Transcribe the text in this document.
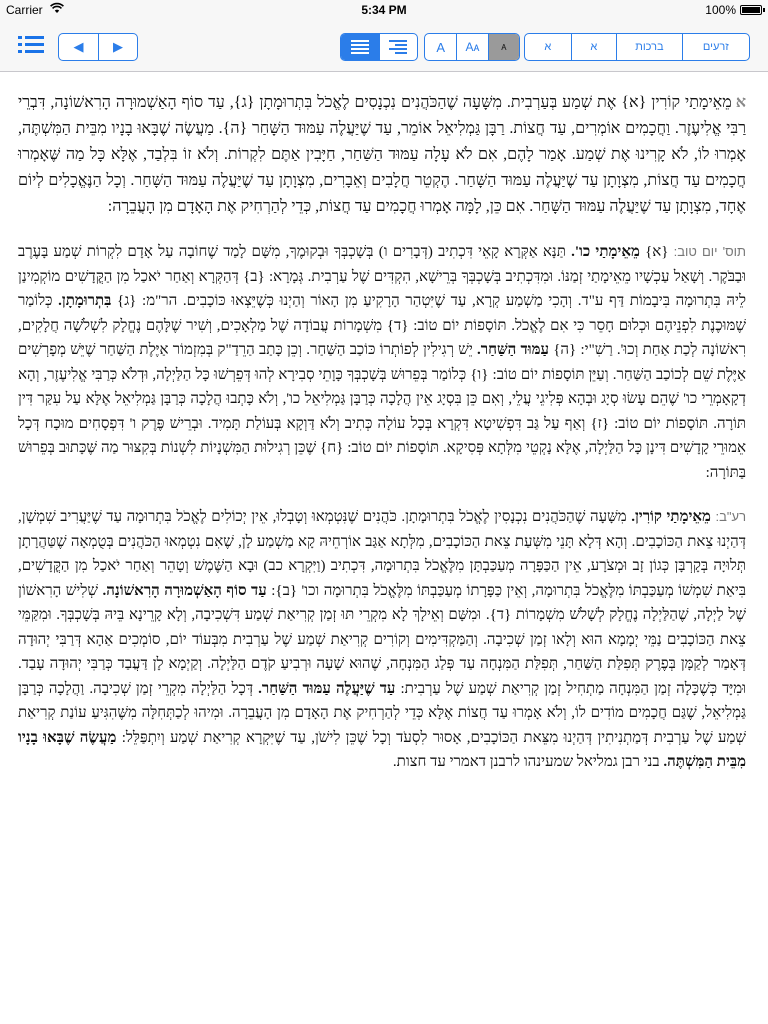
Carrier	5:34 PM	100%
◀	▶	A	Aᴀ	ᴀ	א	א	ברכות	זרעים

אמֵאֵימָתַי קוֹרִין {א} אֶת שְׁמַע בְּעַרְבִית. מִשָּׁעָה שֶׁהַכֹּהֲנִים נִכְנָסִים לֶאֱכֹל בִּתְרוּמָתָן {ג}, עַד סוֹף הָאַשְׁמוּרָה הָרִאשׁוֹנָה, דִּבְרֵי רַבִּי אֱלִיעֶזֶר. וַחֲכָמִים אוֹמְרִים, עַד חֲצוֹת. רַבָּן גַּמְלִיאֵל אוֹמֵר, עַד שֶׁיַּעֲלֶה עַמּוּד הַשָּׁחַר {ה}. מַעֲשֶׂה שֶׁבָּאוּ בָנָיו מִבֵּית הַמִּשְׁתֶּה, אָמְרוּ לוֹ, לֹא קָרִינוּ אֶת שְׁמַע. אָמַר לָהֶם, אִם לֹא עָלָה עַמּוּד הַשַּׁחַר, חַיָּבִין אַתֶּם לִקְרוֹת. וְלֹא זוֹ בִּלְבַד, אֶלָּא כָּל מַה שֶּׁאָמְרוּ חֲכָמִים עַד חֲצוֹת, מִצְוָתָן עַד שֶׁיַּעֲלֶה עַמּוּד הַשָּׁחַר. הֶקְטֵר חֲלָבִים וְאֵבָרִים, מִצְוָתָן עַד שֶׁיַּעֲלֶה עַמּוּד הַשָּׁחַר. וְכָל הַנֶּאֱכָלִים לְיוֹם אֶחָד, מִצְוָתָן עַד שֶׁיַּעֲלֶה עַמּוּד הַשָּׁחַר. אִם כֵּן, לָמָּה אָמְרוּ חֲכָמִים עַד חֲצוֹת, כְּדֵי לְהַרְחִיק אֶת הָאָדָם מִן הָעֲבֵרָה:

תוס' יום טוב: {א} מֵאֵימָתַי כו'. תַּנָּא אַקְּרָא קָאֵי דִּכְתִיב (דְּבָרִים ו) בְּשָׁכְבְּךָ וּבְקוּמֶךָ, מִשָּׁם לָמַד שֶׁחוֹבָה עַל אָדָם לִקְרוֹת שְׁמַע בָּעֶרֶב וּבַבֹּקֶר. וְשָׁאַל עַכְשָׁיו מֵאֵימָתַי זְמַנּוֹ. וּמִדִּכְתִיב בְּשָׁכְבְּךָ בְּרֵישָׁא, הִקְדִּים שֶׁל עַרְבִית. גְּמָרָא: {ב} דְּהַקְּרָא וְאַחַר יֹאכַל מִן הַקֳּדָשִׁים מוֹקְמִינַן לֵיהּ בִּתְרוּמָה בִּיבָמוֹת דַּף ע"ד. וְהָכִי מַשְׁמַע קְרָא, עַד שֶׁיִּטְהַר הָרָקִיעַ מִן הָאוֹר וְהַיְנוּ כְּשֶׁיֵּצְאוּ כּוֹכָבִים. הר"מ: {ג} בִּתְרוּמָתָן. כְּלוֹמַר שֶׁמּוּכֶנֶת לִפְנֵיהֶם וּכְלוּם חָסֵר כִּי אִם לֶאֱכֹל. תּוֹסָפוֹת יוֹם טוֹב: {ד} מִשְׁמָרוֹת עֲבוֹדָה שֶׁל מַלְאָכִים, וְשִׁיר שֶׁלָּהֶם נֶחֱלָק לִשְׁלֹשָׁה חֲלָקִים, רִאשׁוֹנָה לְכַת אַחַת וְכוּ'. רַשִׁ"י: {ה} עַמּוּד הַשַּׁחַר. יֵשׁ רְגִילִין לְפוֹתְרוֹ כּוֹכַב הַשַּׁחַר. וְכֵן כָּתַב הַרֵדַ"ק בְּמִזְמוֹר אַיֶּלֶת הַשַּׁחַר שֶׁיֵּשׁ מְפָרְשִׁים אַיֶּלֶת שֵׁם לְכוֹכַב הַשַּׁחַר. וְעַיֵּן תּוֹסָפוֹת יוֹם טוֹב: {ו} כְּלוֹמַר בְּפֵרוּשׁ בְּשָׁכְבְּךָ כָּוָתֵי סְבִירָא לְהוּ דְּפֵרְשׁוּ כָּל הַלַּיְלָה, וּדְלֹא כְּרַבִּי אֱלִיעֶזֶר, וְהָא דְקָאָמְרֵי כו' שֶׁהֵם עָשׂוּ סְיָג וּבְהָא פְּלִיגֵי עֲלֵי, וְאִם כֵּן בִּסְיָג אֵין הֲלָכָה כְּרַבָּן גַּמְלִיאֵל כו', וְלֹא כָּתְבוּ הֲלָכָה כְּרַבָּן גַּמְלִיאֵל אֶלָּא עַל עִקַּר דִּין תּוֹרָה. תּוֹסָפוֹת יוֹם טוֹב: {ז} וְאַף עַל גַּב דִּפְשִׁיטָא דִּקְרָא בְּכָל עוֹלָה כְּתִיב וְלֹא דַּוְקָא בְּעוֹלַת תָּמִיד. וּבְרֵישׁ פֶּרֶק ו' דִּפְסָחִים מוּכָח דְּכָל אֵמוּרֵי קָדָשִׁים דִּינָן כָּל הַלַּיְלָה, אֶלָּא נָקְטֵי מִלְּתָא פְּסִיקָא. תּוֹסָפוֹת יוֹם טוֹב: {ח} שֶׁכֵּן רְגִילוּת הַמִּשְׁנָיוֹת לִשְׁנוֹת בְּקִצּוּר מַה שֶּׁכָּתוּב בְּפֵרוּשׁ בַּתּוֹרָה:

רע"ב: מֵאֵימָתַי קוֹרִין. מִשָּׁעָה שֶׁהַכֹּהֲנִים נִכְנָסִין לֶאֱכֹל בִּתְרוּמָתָן. כֹּהֲנִים שֶׁנִּטְמְאוּ וְטָבְלוּ, אֵין יְכוֹלִים לֶאֱכֹל בִּתְרוּמָה עַד שֶׁיַּעֲרִיב שִׁמְשָׁן, דְּהַיְנוּ צֵאת הַכּוֹכָבִים. וְהָא דְּלָא תָּנֵי מִשְּׁעַת צֵאת הַכּוֹכָבִים, מִלְּתָא אַגַּב אוֹרְחֵיהּ קָא מַשְׁמַע לָן, שֶׁאִם נִטְמְאוּ הַכֹּהֲנִים בְּטֻמְאָה שֶׁטַּהֲרָתָן תְּלוּיָה בְּקָרְבָּן כְּגוֹן זָב וּמְצֹרָע, אֵין הַכַּפָּרָה מְעַכַּבְתָּן מִלֶּאֱכֹל בִּתְרוּמָה, דִּכְתִיב (וַיִּקְרָא כב) וּבָא הַשֶּׁמֶשׁ וְטָהֵר וְאַחַר יֹאכַל מִן הַקֳּדָשִׁים, בִּיאַת שִׁמְשׁוֹ מְעַכַּבְתּוֹ מִלֶּאֱכֹל בִּתְרוּמָה, וְאֵין כַּפָּרָתוֹ מְעַכַּבְתּוֹ מִלֶּאֱכֹל בִּתְרוּמָה וכו' {ב}: עַד סוֹף הָאַשְׁמוּרָה הָרִאשׁוֹנָה. שְׁלִישׁ הָרִאשׁוֹן שֶׁל לַיְלָה, שֶׁהַלַּיְלָה נֶחֱלָק לְשָׁלֹשׁ מִשְׁמָרוֹת {ד}. וּמִשָּׁם וְאֵילָךְ לָא מִקְרֵי תּוּ זְמַן קְרִיאַת שְׁמַע דִּשְׁכִיבָה, וְלָא קָרֵינָא בֵּיהּ בְּשָׁכְבְּךָ. וּמִקַּמֵּי צֵאת הַכּוֹכָבִים נַמֵּי יְמָמָא הוּא וְלָאו זְמַן שְׁכִיבָה. וְהַמַּקְדִּימִים וְקוֹרִים קְרִיאַת שְׁמַע שֶׁל עַרְבִית מִבְּעוֹד יוֹם, סוֹמְכִים אַהָא דְּרַבִּי יְהוּדָה דְּאָמַר לְקַמָּן בְּפֶרֶק תְּפִלַּת הַשַּׁחַר, תְּפִלַּת הַמִּנְחָה עַד פְּלַג הַמִּנְחָה, שֶׁהוּא שָׁעָה וּרְבִיעַ קֹדֶם הַלַּיְלָה. וְקַיְמָא לָן דַּעֲבַד כְּרַבִּי יְהוּדָה עָבַד. וּמִיָּד כְּשֶׁכָּלָה זְמַן הַמִּנְחָה מַתְחִיל זְמַן קְרִיאַת שְׁמַע שֶׁל עַרְבִית: עַד שֶׁיַּעֲלֶה עַמּוּד הַשַּׁחַר. דְּכָל הַלַּיְלָה מִקְרֵי זְמַן שְׁכִיבָה. וַהֲלָכָה כְּרַבָּן גַּמְלִיאֵל, שֶׁגַּם חֲכָמִים מוֹדִים לוֹ, וְלֹא אָמְרוּ עַד חֲצוֹת אֶלָּא כְּדֵי לְהַרְחִיק אֶת הָאָדָם מִן הָעֲבֵרָה. וּמִיהוּ לְכַתְּחִלָּה מִשֶּׁהִגִּיעַ עוֹנַת קְרִיאַת שְׁמַע שֶׁל עַרְבִית דְּמַתְנִיתִין דְּהַיְנוּ מִצֵּאת הַכּוֹכָבִים, אָסוּר לִסְעֹד וְכָל שֶׁכֵּן לִישֹׁן, עַד שֶׁיִּקְרָא קְרִיאַת שְׁמַע וְיִתְפַּלֵּל: מַעֲשֶׂה שֶׁבָּאוּ בָנָיו מִבֵּית הַמִּשְׁתֶּה. בני רבן גמליאל שמעינהו לרבנן דאמרי עד חצות.
